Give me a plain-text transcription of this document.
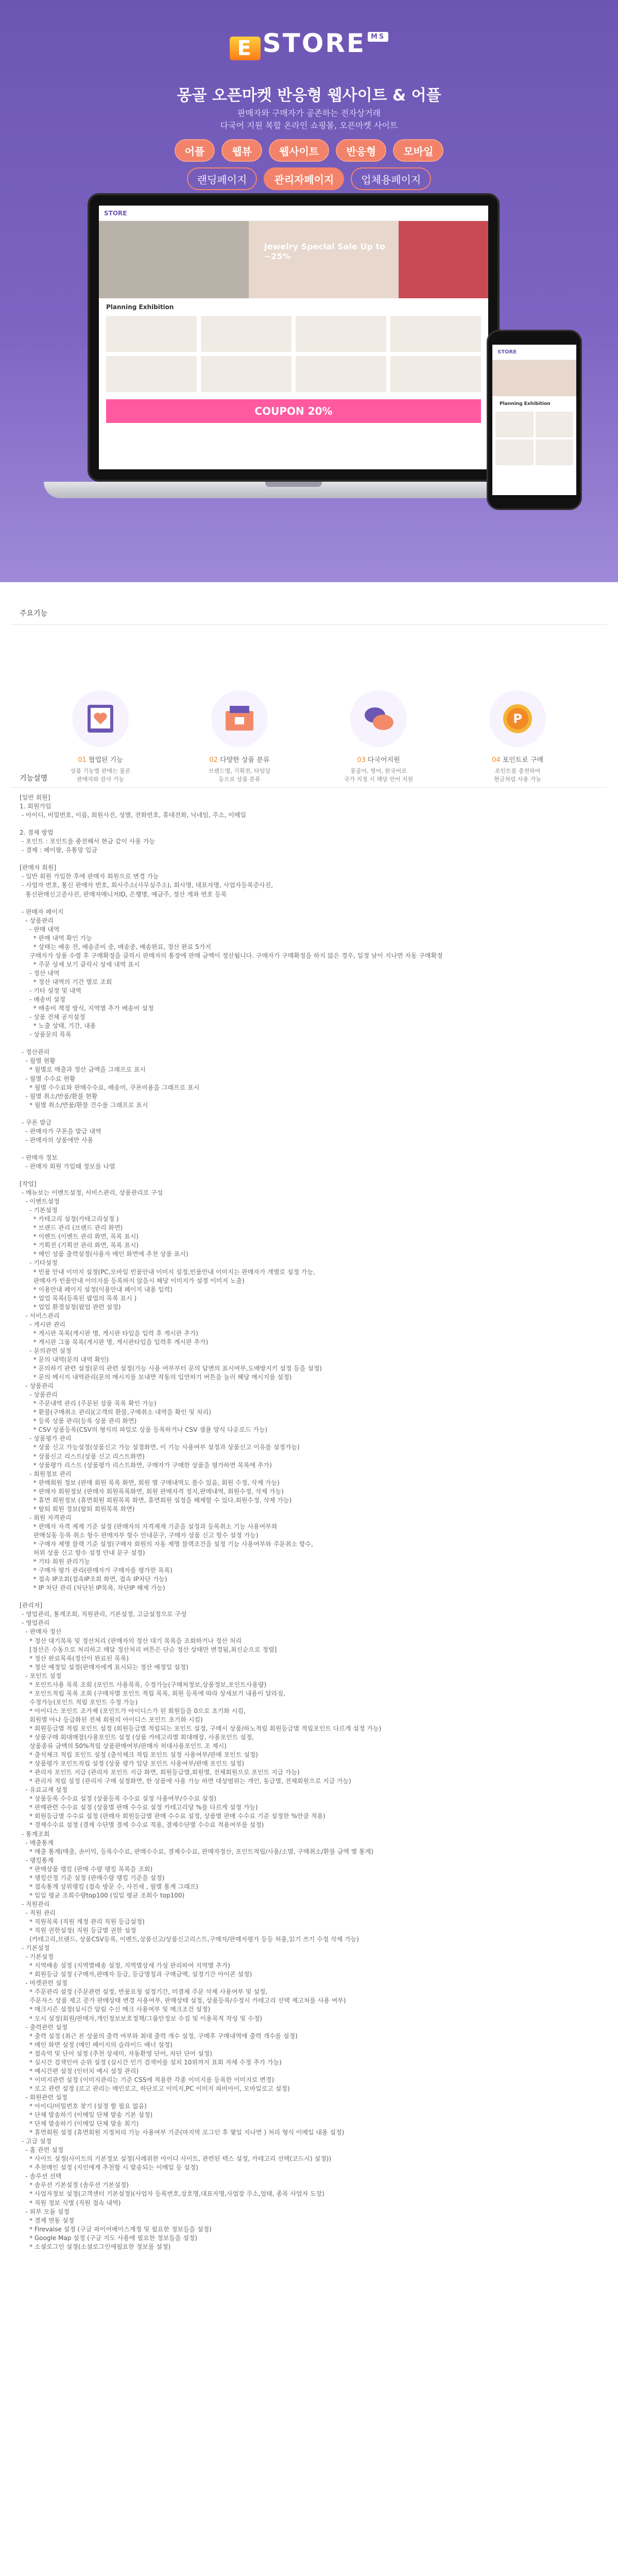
E STORE $^{MS}$
몽골 오픈마켓 반응형 웹사이트 & 어플
판매자와 구매자가 공존하는 전자상거래
다국어 지원 복합 온라인 쇼핑몰, 오픈마켓 사이트
어플	웹뷰	웹사이트	반응형	모바일
랜딩페이지	관리자페이지	업체용페이지
STORE
Jewelry Special Sale Up to ~25%
Planning Exhibition
COUPON 20%
STORE
Planning Exhibition
주요기능
01 협업된 기능
상품 기능별 판매는 물론
판매자와 감사 가능
02 다양한 상품 분류
브랜드별, 기획전, 타임딜
등으로 상품 분류
03 다국어지원
몽골어, 영어, 한국어로
국가 지정 시 해당 언어 지원
P
04 포인트로 구매
포인트를 충전하여
현금처럼 사용 가능
기능설명
[일반 회원]
1. 회원가입
- 아이디, 비밀번호, 이름, 회원사진, 성별, 전화번호, 휴대전화, 닉네임, 주소, 이메일
2. 결제 방법
- 포인트 : 포인트를 충전해서 현금 같이 사용 가능
- 결제 : 페이팔, 유통망 입금
[판매자 회원]
- 일반 회원 가입한 후에 판매자 회원으로 변경 가능
- 사업자 번호, 통신 판매자 번호, 회사주소(사무실주소), 회사명, 대표자명, 사업자등록증사진,
통신판매신고증사진, 판매자매니저ID, 은행명, 예금주, 정산 계좌 번호 등록
- 판매자 페이지
- 상품관리
- 판매 내역
* 판매 내역 확인 가능
* 상태는 배송 전, 배송준비 중, 배송중, 배송완료, 정산 완료 5가지
구매자가 상품 수령 후 구매확정을 클릭시 판매자의 통장에 판매 금액이 정산됩니다. 구매자가 구매확정을 하지 않은 경우, 일정 날이 지나면 자동 구매확정
* 주문 상세 보기 클릭시 상세 내역 표시
- 정산 내역
* 정산 내역의 기간 별로 조회
- 기타 설정 및 내역
- 배송비 설정
* 배송비 책정 방식, 지역별 추가 배송비 설정
- 상품 전체 공지설정
* 노출 상태, 기간, 내용
- 상품문의 목록
- 정산관리
- 월별 현황
* 월별로 매출과 정산 금액을 그래프로 표시
- 월별 수수료 현황
* 월별 수수료와 판매수수료, 배송비, 쿠폰비용을 그래프로 표시
- 월별 취소/반품/환불 현황
* 월별 취소/반품/환불 건수를 그래프로 표시
- 쿠폰 발급
- 판매자가 쿠폰을 발급 내역
- 판매자의 상품에만 사용
- 판매자 정보
- 판매자 회원 가입때 정보를 나열
[작업]
- 메뉴보는 이벤트설정, 서비스관리, 상품관리로 구성
- 이벤트설정
- 기본설정
* 카테고리 설정(카테고리설정 )
* 브랜드 관리 (브랜드 관리 화면)
* 이벤트 (이벤트 관리 화면, 목록 표시)
* 기획전 (기획전 관리 화면, 목록 표시)
* 메인 상품 출력설정(사용자 메인 화면에 추천 상품 표시)
- 기타설정
* 빈품 안내 이미지 설정(PC,모바일 빈품안내 이미지 설정,빈품안내 이미지는 판매자가 개별로 설정 가능,
판매자가 빈품안내 이미지를 등록하지 않을시 해당 이미지가 설정 이미지 노출)
* 이용안내 페이지 설정(이용안내 페이지 내용 입력)
* 업업 목록(등록된 팝업의 목록 표시 )
* 업업 환경설정(팝업 관련 설정)
- 서비스관리
- 게시판 관리
* 게시판 목록(게시판 명, 게시판 타입을 입력 후 게시판 추가)
* 게시판 그룹 목록(게시판 명, 게시판타입을 입력후 게시판 추가)
- 문의관련 설정
* 문의 내역(문의 내역 확인)
* 문의하기 관련 설정(문의 관련 설정(가능 사용 여부부터 문의 답변의 표시여부,도배방지키 설정 등을 설정)
* 문의 메시지 내역관리(문의 메시지를 보내면 작동의 입연하기 버튼을 눌러 해당 메시지를 설정)
- 상품관리
- 상품관리
* 주문내역 관리 (주문된 상품 목록 확인 가능)
* 환불(구매취소 관리)(고객의 환불,구매취소 내역을 확인 및 처리)
* 등록 상품 관리(등록 상품 관리 화면)
* CSV 상품등록(CSV의 형식의 파일로 상품 등록하거나 CSV 샘플 양식 다운로드 가능)
- 상품평가 관리
* 상품 신고 가능설정(상품신고 가능 설정화면, 이 기능 사용여부 설정과 상품신고 이유를 설정가능)
* 상품신고 리스트(상품 신고 리스트화면)
* 상품평가 리스트 (상품평가 리스트화면, 구매자가 구매한 상품을 평가하면 목록에 추가)
- 회원정보 관리
* 판매회원 정보 (판매 회원 목록 화면, 회원 별 구매내역도 볼수 있음, 회원 수정, 삭제 가능)
* 판매자 회원정보 (판매자 회원목록화면, 회원 판매자격 정지,판매내역, 회원수정, 삭제 가능)
* 휴면 회원정보 (휴면회원 회원목록 화면, 휴면회원 설정을 해제할 수 있다.회원수정, 삭제 가능)
* 탈퇴 회원 정보(탈퇴 회원목록 화면)
- 회원 자격관리
* 판매자 자격 제재 기준 설정 (판매자의 자격제재 기준을 설정과 등록취소 기능 사용여부와
판매실동 등록 취소 항수 판매자부 항수 안내문구, 구매자 상품 신고 항수 설정 가능)
* 구매자 제명 블랙 기준 설정(구매자 회원의 자동 제명 블랙조건을 설정 기능 사용여부와 주문취소 항수,
허위 상품 신고 항수 설정 안내 문구 설정)
* 기타 회원 관리기능
* 구매자 평가 관리(판매자가 구매자를 평가한 목록)
* 접속 IP조회(접속IP조회 화면, 접속 IP차단 가능)
* IP 차단 관리 (차단된 IP목록, 차단IP 해제 가능)
[관리자]
- 영업관리, 통계조회, 직원관리, 기본설정, 고급설정으로 구성
- 영업관리
- 판매자 정산
* 정산 대기목록 및 정산처리 (판매자의 정산 대기 목록을 조회하거나 정산 처리
[정산은 수동으로 처리하고 매달 정산처리 버튼은 단순 정산 상태만 변경됨,최신순으로 정렬]
* 정산 완료목록(정산이 완료된 목록)
* 정산 예정일 설정(판매자에게 표시되는 정산 예정일 설정)
- 포인트 설정
* 포인트사용 목록 조회 (포인트 사용목록, 수정가능(구매처정보,상품정보,포인트사용량)
* 포인트적립 목록 조회 (구매자별 포인트 적립 목록, 회원 등록에 따라 상세보기 내용이 달라짐,
수정가능(포인트 적립 포인트 수정 가능)
* 아이디스 포인트 조가제 (포인트가 아이디스가 된 회원들을 0으로 초기화 시킴,
회원별 아나 등급화된 전체 회원의 아이디스 포인트 초기화 시킴)
* 회원등급별 적립 포인트 설정 (회원등급별 적립되는 포인트 설정, 구매시 상품/하노적립 회원등급별 적립포인트 다르게 설정 가능)
* 상품구매 회대매장(사용포인트 설정 (상품 카테고리별 회대매장, 사용포인트 설정,
상품종류 금액의 50%적립 상품판매여부/판매자 허대사용포인트 조 제시)
* 출석체크 적립 포인트 설정 (출석체크 적립 포인트 설정 사용여부/판매 포인트 설정)
* 상품평가 포인트적립 설정 (상품 평가 입당 포인트 사용여부/판매 포인트 설정)
* 관리자 포인트 지급 (관리자 포인트 지급 화면, 회원등급별,회원별, 전체회원으로 포인트 지급 가능)
* 관리자 적립 설정 (관리자 구매 설정화면, 한 상품에 사용 가능 하면 대상범위는 개인, 동급별, 전체회원으로 지급 가능)
- 유료교재 설정
* 상품등록 수수료 설정 (상품등록 수수료 설정 사용여부/수수료 설정)
* 판매관련 수수료 설정 (상품별 판매 수수료 설정 카테고리당 %를 다르게 설정 가능)
* 회원등급별 수수료 설정 (판매자 회원등급별 판매 수수료 설정, 상품별 판매 수수료 기준 설정한 %만큼 적용)
* 결제수수료 설정 (결제 수단별 결제 수수료 적용, 결제수단별 수수료 적용여부를 설정)
- 통계조회
- 매출통계
* 매출 통계(매출, 손이익, 등록수수료, 판매수수료, 결제수수료, 판매자정산, 포인트적립/사용/소멸, 구매취소/환불 금액 별 통계)
- 랭킹통계
* 판매상품 랭킹 (판매 수량 랭킹 목록을 조회)
* 랭킹산정 기준 설정 (판매수량 랭킹 기준을 설정)
* 접속통계 상위랭킹 (접속 방문 수, 사진세 , 월별 통계 그래프)
* 일일 평균 조회수량top100 (일일 평균 조회수 top100)
- 직원관리
- 직원 관리
* 직원목록 (직원 계정 관리 직원 등급설정)
* 직원 권한설정( 직원 등급별 권한 설정
(카테고리,브랜드, 상품CSV등록, 이벤트,상품신고/상품신고리스트,구매자/판매자평가 등등 허용,읽기 쓰기 수정 삭제 가능)
- 기본설정
- 기본설정
* 지역배송 설정 (지역별배송 설정, 지역별상세 가성 관리하여 지역별 추가)
* 회원등급 설정 (구매자,판매자 등급, 등급명칭과 구매금액, 설정기간 아이콘 설정)
- 마켓관련 설정
* 주문관리 설정 (주문관련 설정, 반품요청 설정기간, 미결제 주문 삭제 사용여부 및 설정,
주문자스 상품 재고 증가 판매상태 변경 사용여부, 판매상태 설정, 상품등록/수정시 카테고리 선택 제고처를 사용 여부)
* 매크시즌 설정(실시간 알림 수신 메크 사용여부 및 메크조건 설정)
* 모시 설정(회원/판매자,개인정보보호정책/그룹안정보 수집 및 이용목적 작성 및 수정)
- 출력관련 설정
* 출력 설정 (최근 본 상품의 출력 여부와 최대 출력 개수 설정, 구매후 구매내역에 출력 개수를 설정)
* 메인 화면 설정 (메인 페이지의 슬라이드 배너 설정)
* 접속억 및 단어 설정 (추천 상세미, 자동환영 단어, 차단 단어 설정)
* 실시간 검색인어 순위 설정 (실시간 인기 검색어를 설치 10위까지 표회 자체 수정 추가 가능)
* 예시간편 설정 (인터치 예시 설정 관리)
* 이미지관련 설정 (이미지관리는 기준 CSS에 적용한 각종 이미지를 등록한 이미지로 변경)
* 로고 관련 설정 (로고 관리는 메인로고, 하단로고 이미지,PC 이미지 파비아이, 모바일로고 설정)
- 회원관련 설정
* 아이디/비밀번호 찾기 (설정 할 필요 없음)
* 단체 발송하기 (이메일 단체 발송 기본 설정)
* 단체 발송하기 (이메일 단체 발송 회기)
* 휴면회원 설정 (휴면회원 지정처리 기능 사용여부 기준(마지막 로그인 후 몇일 지나면 ) 처리 형식 이메일 내용 설정)
- 고급 설정
- 홈 관련 설정
* 사이트 설정(사이트의 기본정보 설정(사례위한 아이디 사이트, 관련된 텍스 설정, 카테고리 선택(코드시) 설정))
* 추천매인 설정 (지인에게 추천할 시 발송되는 이메일 등 설정)
- 솔루션 선택
* 솔루션 기본설정 (솔루션 기본설정)
* 사업자정보 설정(고객센터 기본설정)(사업자 등록번호,상호명,대표자명,사업장 주소,업태, 종목 사업자 도장)
* 직원 정보 식별 (직원 접속 내역)
- 외부 모듈 설정
* 결제 연동 설정
* Firevaise 설정 (구글 파이어베이스계정 및 필요한 정보들을 설정)
* Google Map 설정 (구글 지도 사용에 필요한 정보들을 설정)
* 소셜로그인 설정(소셜로그인에필요한 정보를 설정)
